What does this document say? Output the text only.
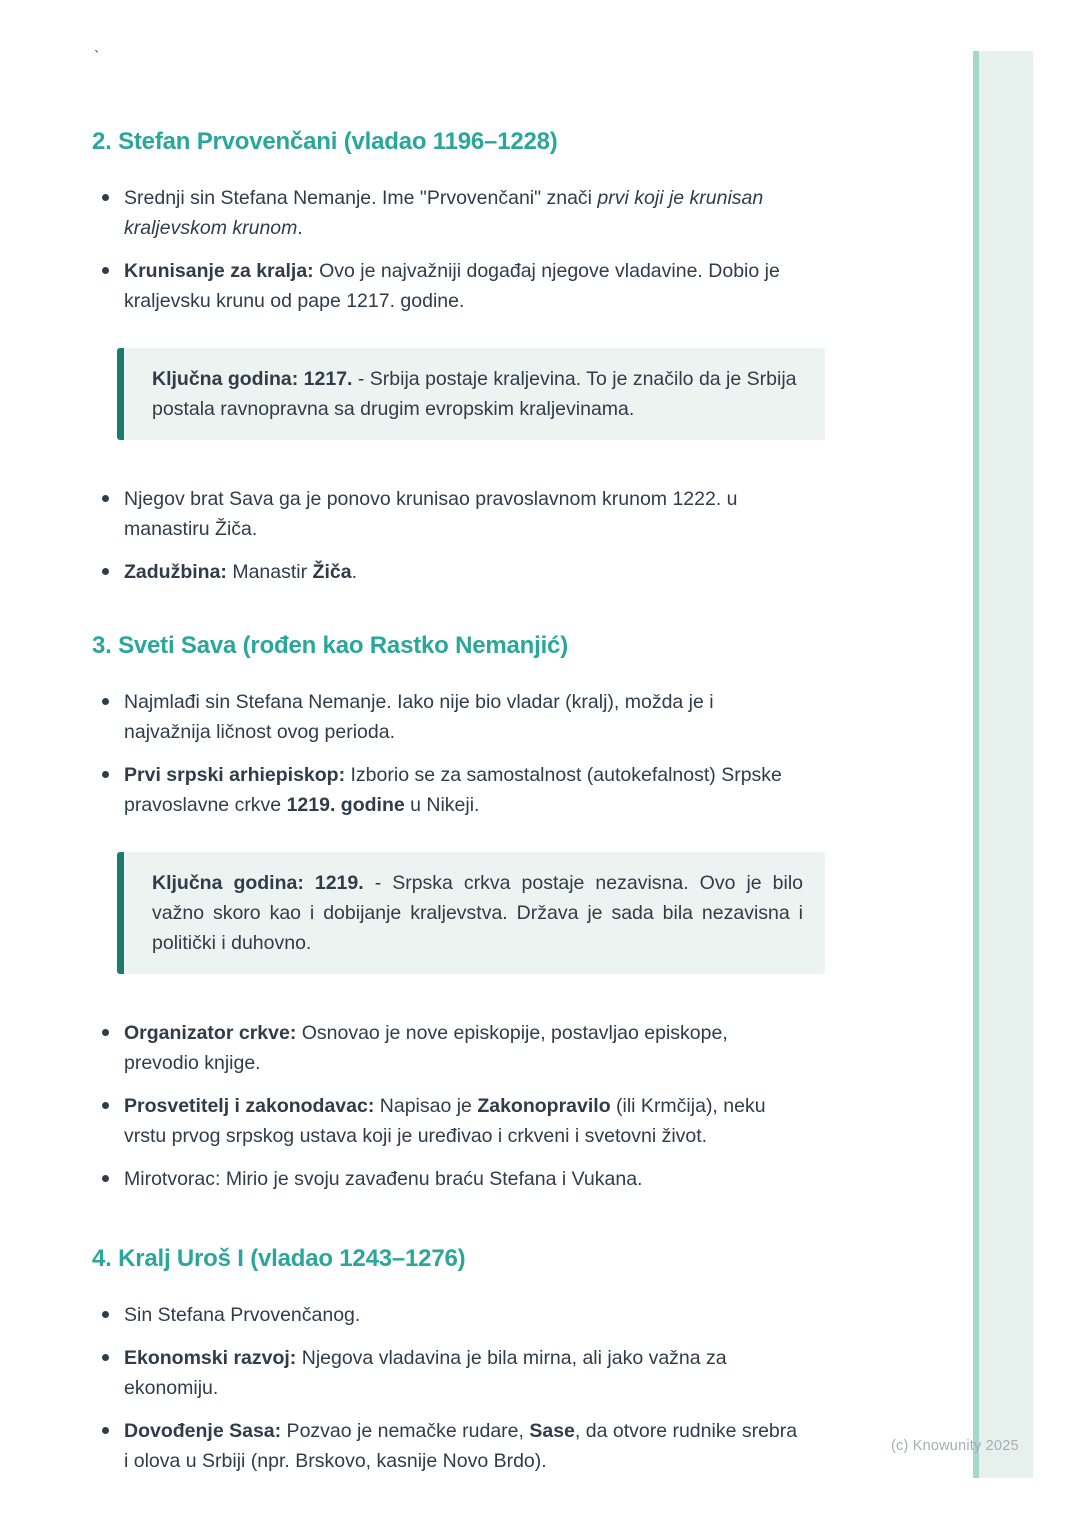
`
2. Stefan Prvovenčani (vladao 1196–1228)
Srednji sin Stefana Nemanje. Ime "Prvovenčani" znači prvi koji je krunisan kraljevskom krunom.
Krunisanje za kralja: Ovo je najvažniji događaj njegove vladavine. Dobio je kraljevsku krunu od pape 1217. godine.
Ključna godina: 1217. - Srbija postaje kraljevina. To je značilo da je Srbija postala ravnopravna sa drugim evropskim kraljevinama.
Njegov brat Sava ga je ponovo krunisao pravoslavnom krunom 1222. u manastiru Žiča.
Zadužbina: Manastir Žiča.
3. Sveti Sava (rođen kao Rastko Nemanjić)
Najmlađi sin Stefana Nemanje. Iako nije bio vladar (kralj), možda je i najvažnija ličnost ovog perioda.
Prvi srpski arhiepiskop: Izborio se za samostalnost (autokefalnost) Srpske pravoslavne crkve 1219. godine u Nikeji.
Ključna godina: 1219. - Srpska crkva postaje nezavisna. Ovo je bilo važno skoro kao i dobijanje kraljevstva. Država je sada bila nezavisna i politički i duhovno.
Organizator crkve: Osnovao je nove episkopije, postavljao episkope, prevodio knjige.
Prosvetitelj i zakonodavac: Napisao je Zakonopravilo (ili Krmčija), neku vrstu prvog srpskog ustava koji je uređivao i crkveni i svetovni život.
Mirotvorac: Mirio je svoju zavađenu braću Stefana i Vukana.
4. Kralj Uroš I (vladao 1243–1276)
Sin Stefana Prvovenčanog.
Ekonomski razvoj: Njegova vladavina je bila mirna, ali jako važna za ekonomiju.
Dovođenje Sasa: Pozvao je nemačke rudare, Sase, da otvore rudnike srebra i olova u Srbiji (npr. Brskovo, kasnije Novo Brdo).
(c) Knowunity 2025
